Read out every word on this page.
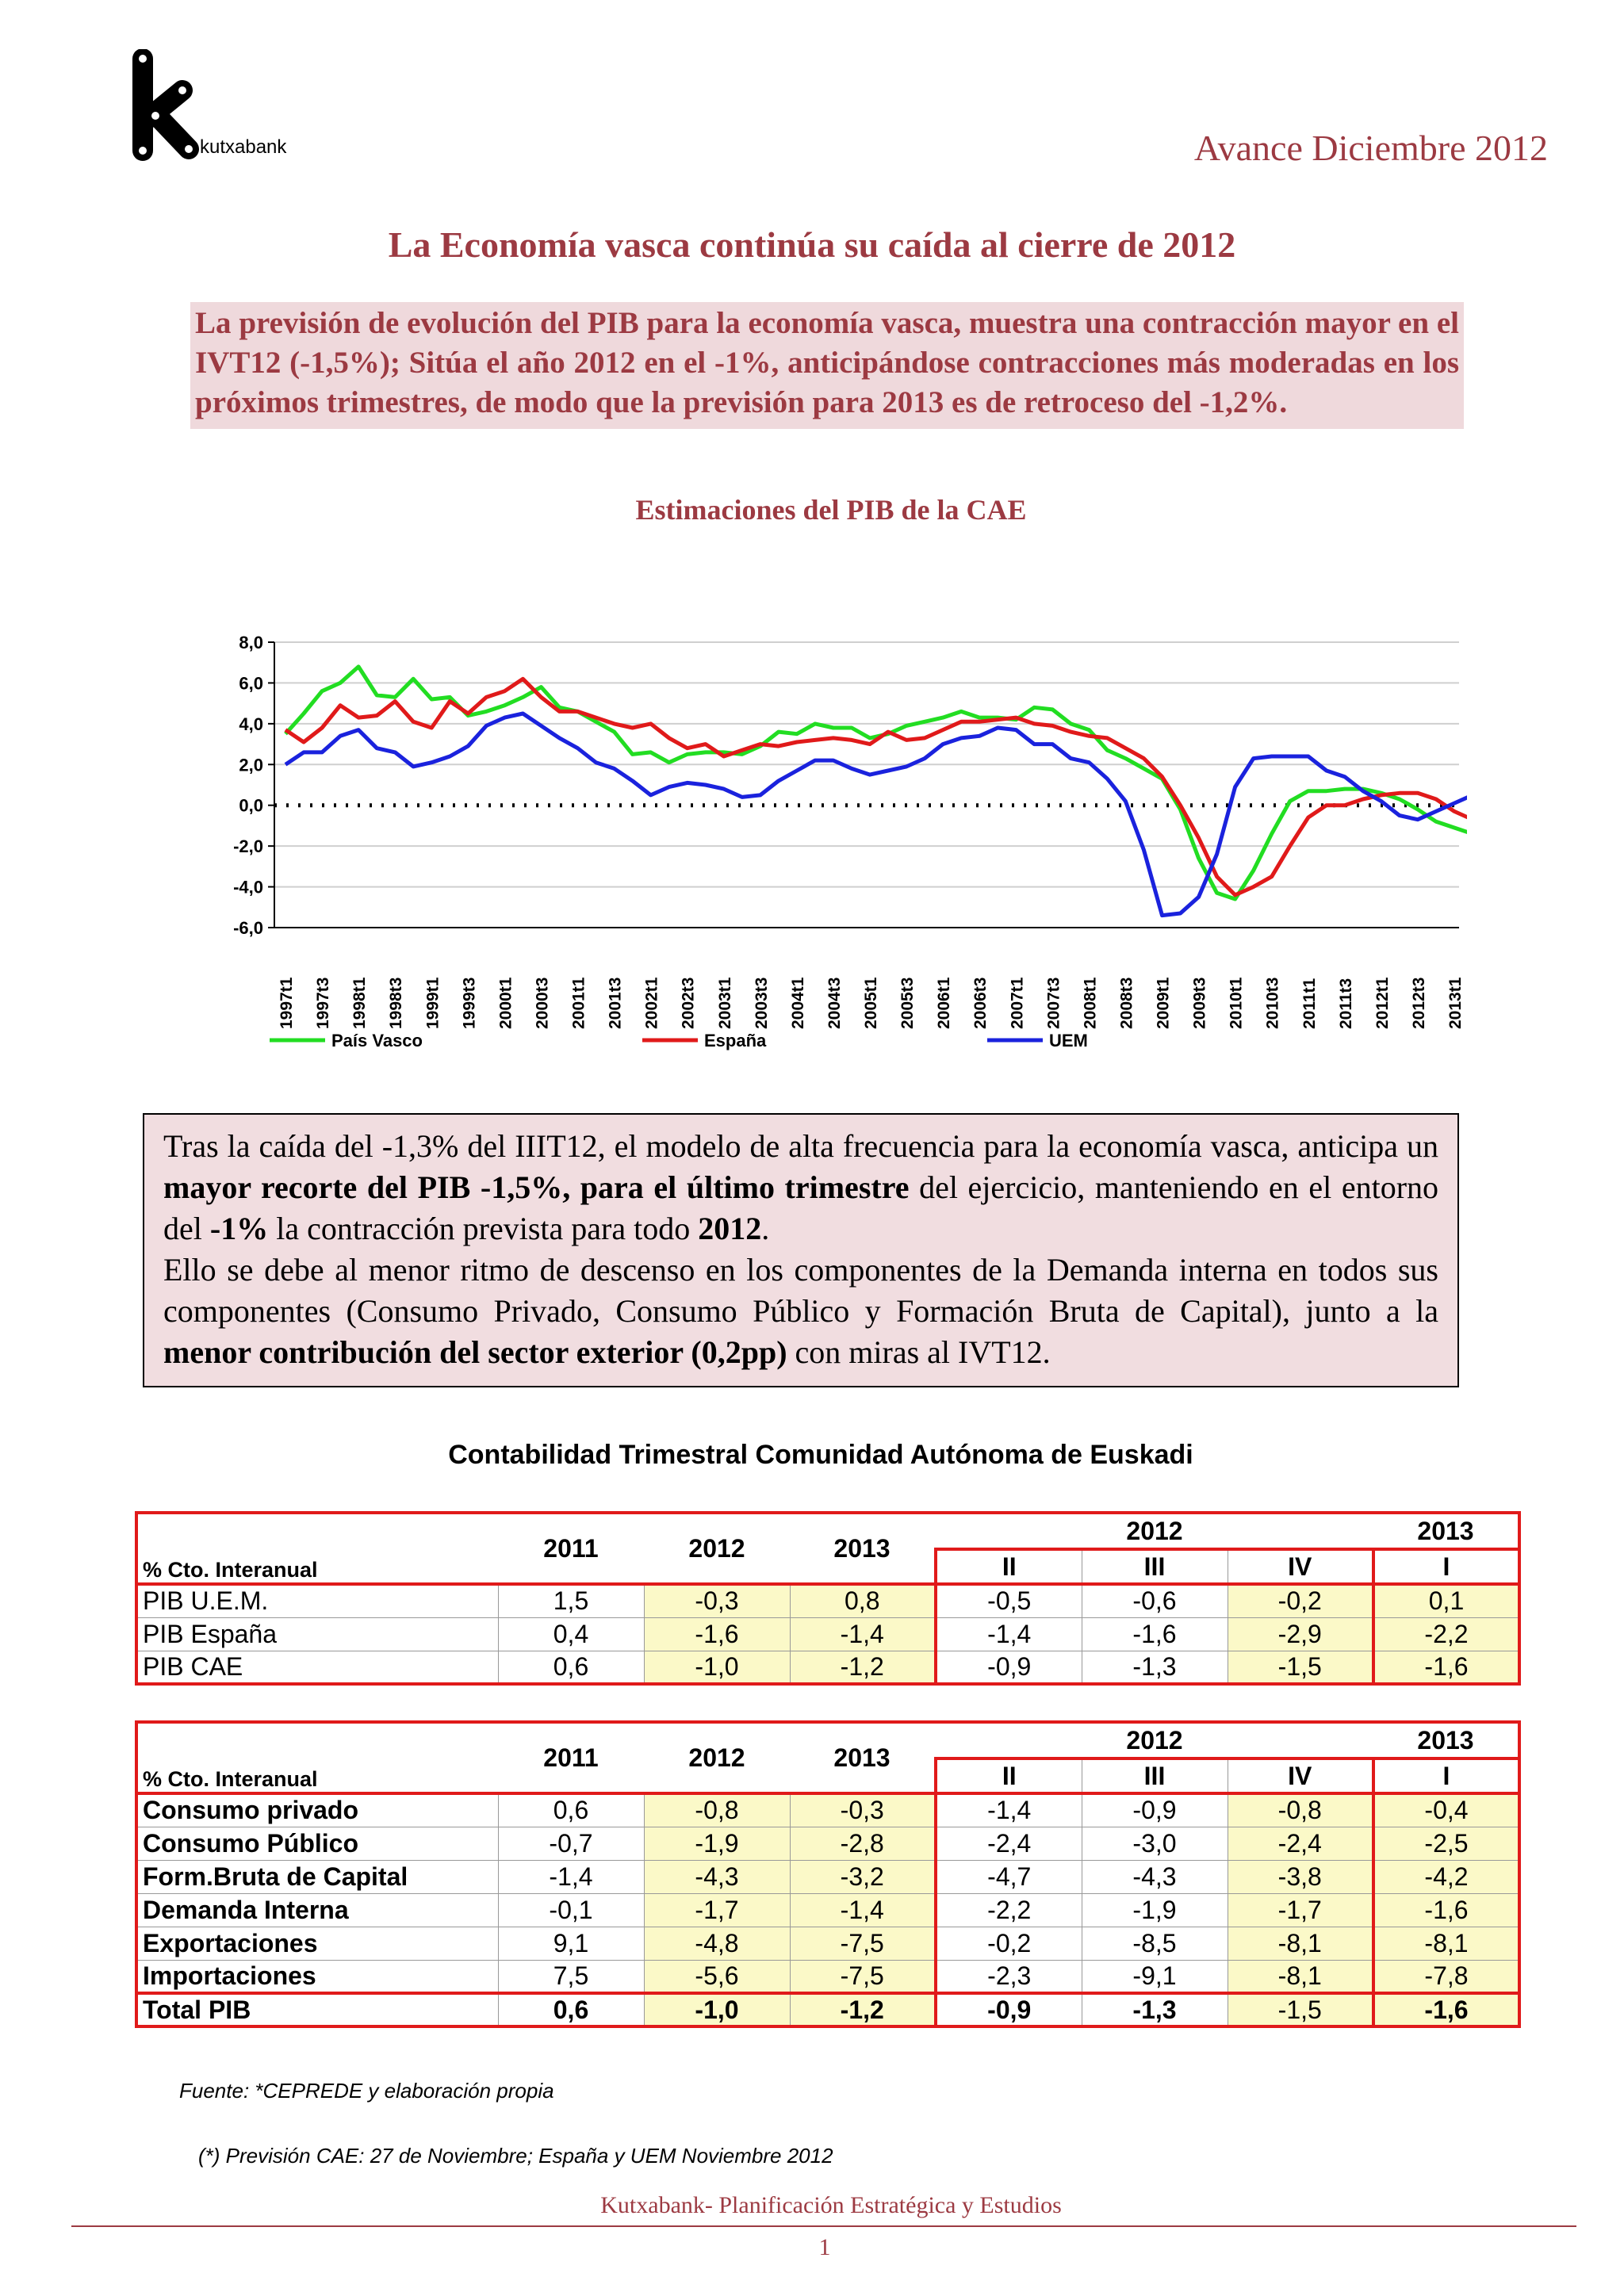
kutxabank	Avance Diciembre 2012
La Economía vasca continúa su caída al cierre de 2012
La previsión de evolución del PIB para la economía vasca, muestra una contracción mayor en el IVT12 (-1,5%); Sitúa el año 2012 en el -1%, anticipándose contracciones más moderadas en los próximos trimestres, de modo que la previsión para 2013 es de retroceso del -1,2%.
Estimaciones del PIB de la CAE
8,0
6,0
4,0
2,0
0,0
-2,0
-4,0
-6,0
1997t1 1997t3 1998t1 1998t3 1999t1 1999t3 2000t1 2000t3 2001t1 2001t3 2002t1 2002t3 2003t1 2003t3 2004t1 2004t3 2005t1 2005t3 2006t1 2006t3 2007t1 2007t3 2008t1 2008t3 2009t1 2009t3 2010t1 2010t3 2011t1 2011t3 2012t1 2012t3 2013t1
País Vasco	España	UEM

Tras la caída del -1,3% del IIIT12, el modelo de alta frecuencia para la economía vasca, anticipa un mayor recorte del PIB -1,5%, para el último trimestre del ejercicio, manteniendo en el entorno del -1% la contracción prevista para todo 2012.

Ello se debe al menor ritmo de descenso en los componentes de la Demanda interna en todos sus componentes (Consumo Privado, Consumo Público y Formación Bruta de Capital), junto a la menor contribución del sector exterior (0,2pp) con miras al IVT12.

Contabilidad Trimestral Comunidad Autónoma de Euskadi
% Cto. Interanual	2011	2012	2013	2012			2013
				II	III	IV	I
PIB U.E.M.	1,5	-0,3	0,8	-0,5	-0,6	-0,2	0,1
PIB España	0,4	-1,6	-1,4	-1,4	-1,6	-2,9	-2,2
PIB CAE	0,6	-1,0	-1,2	-0,9	-1,3	-1,5	-1,6
% Cto. Interanual	2011	2012	2013	2012			2013
				II	III	IV	I
Consumo privado	0,6	-0,8	-0,3	-1,4	-0,9	-0,8	-0,4
Consumo Público	-0,7	-1,9	-2,8	-2,4	-3,0	-2,4	-2,5
Form.Bruta de Capital	-1,4	-4,3	-3,2	-4,7	-4,3	-3,8	-4,2
Demanda Interna	-0,1	-1,7	-1,4	-2,2	-1,9	-1,7	-1,6
Exportaciones	9,1	-4,8	-7,5	-0,2	-8,5	-8,1	-8,1
Importaciones	7,5	-5,6	-7,5	-2,3	-9,1	-8,1	-7,8
Total PIB	0,6	-1,0	-1,2	-0,9	-1,3	-1,5	-1,6
Fuente: *CEPREDE y elaboración propia
(*) Previsión CAE: 27 de Noviembre; España y UEM Noviembre 2012
Kutxabank- Planificación Estratégica y Estudios
1
